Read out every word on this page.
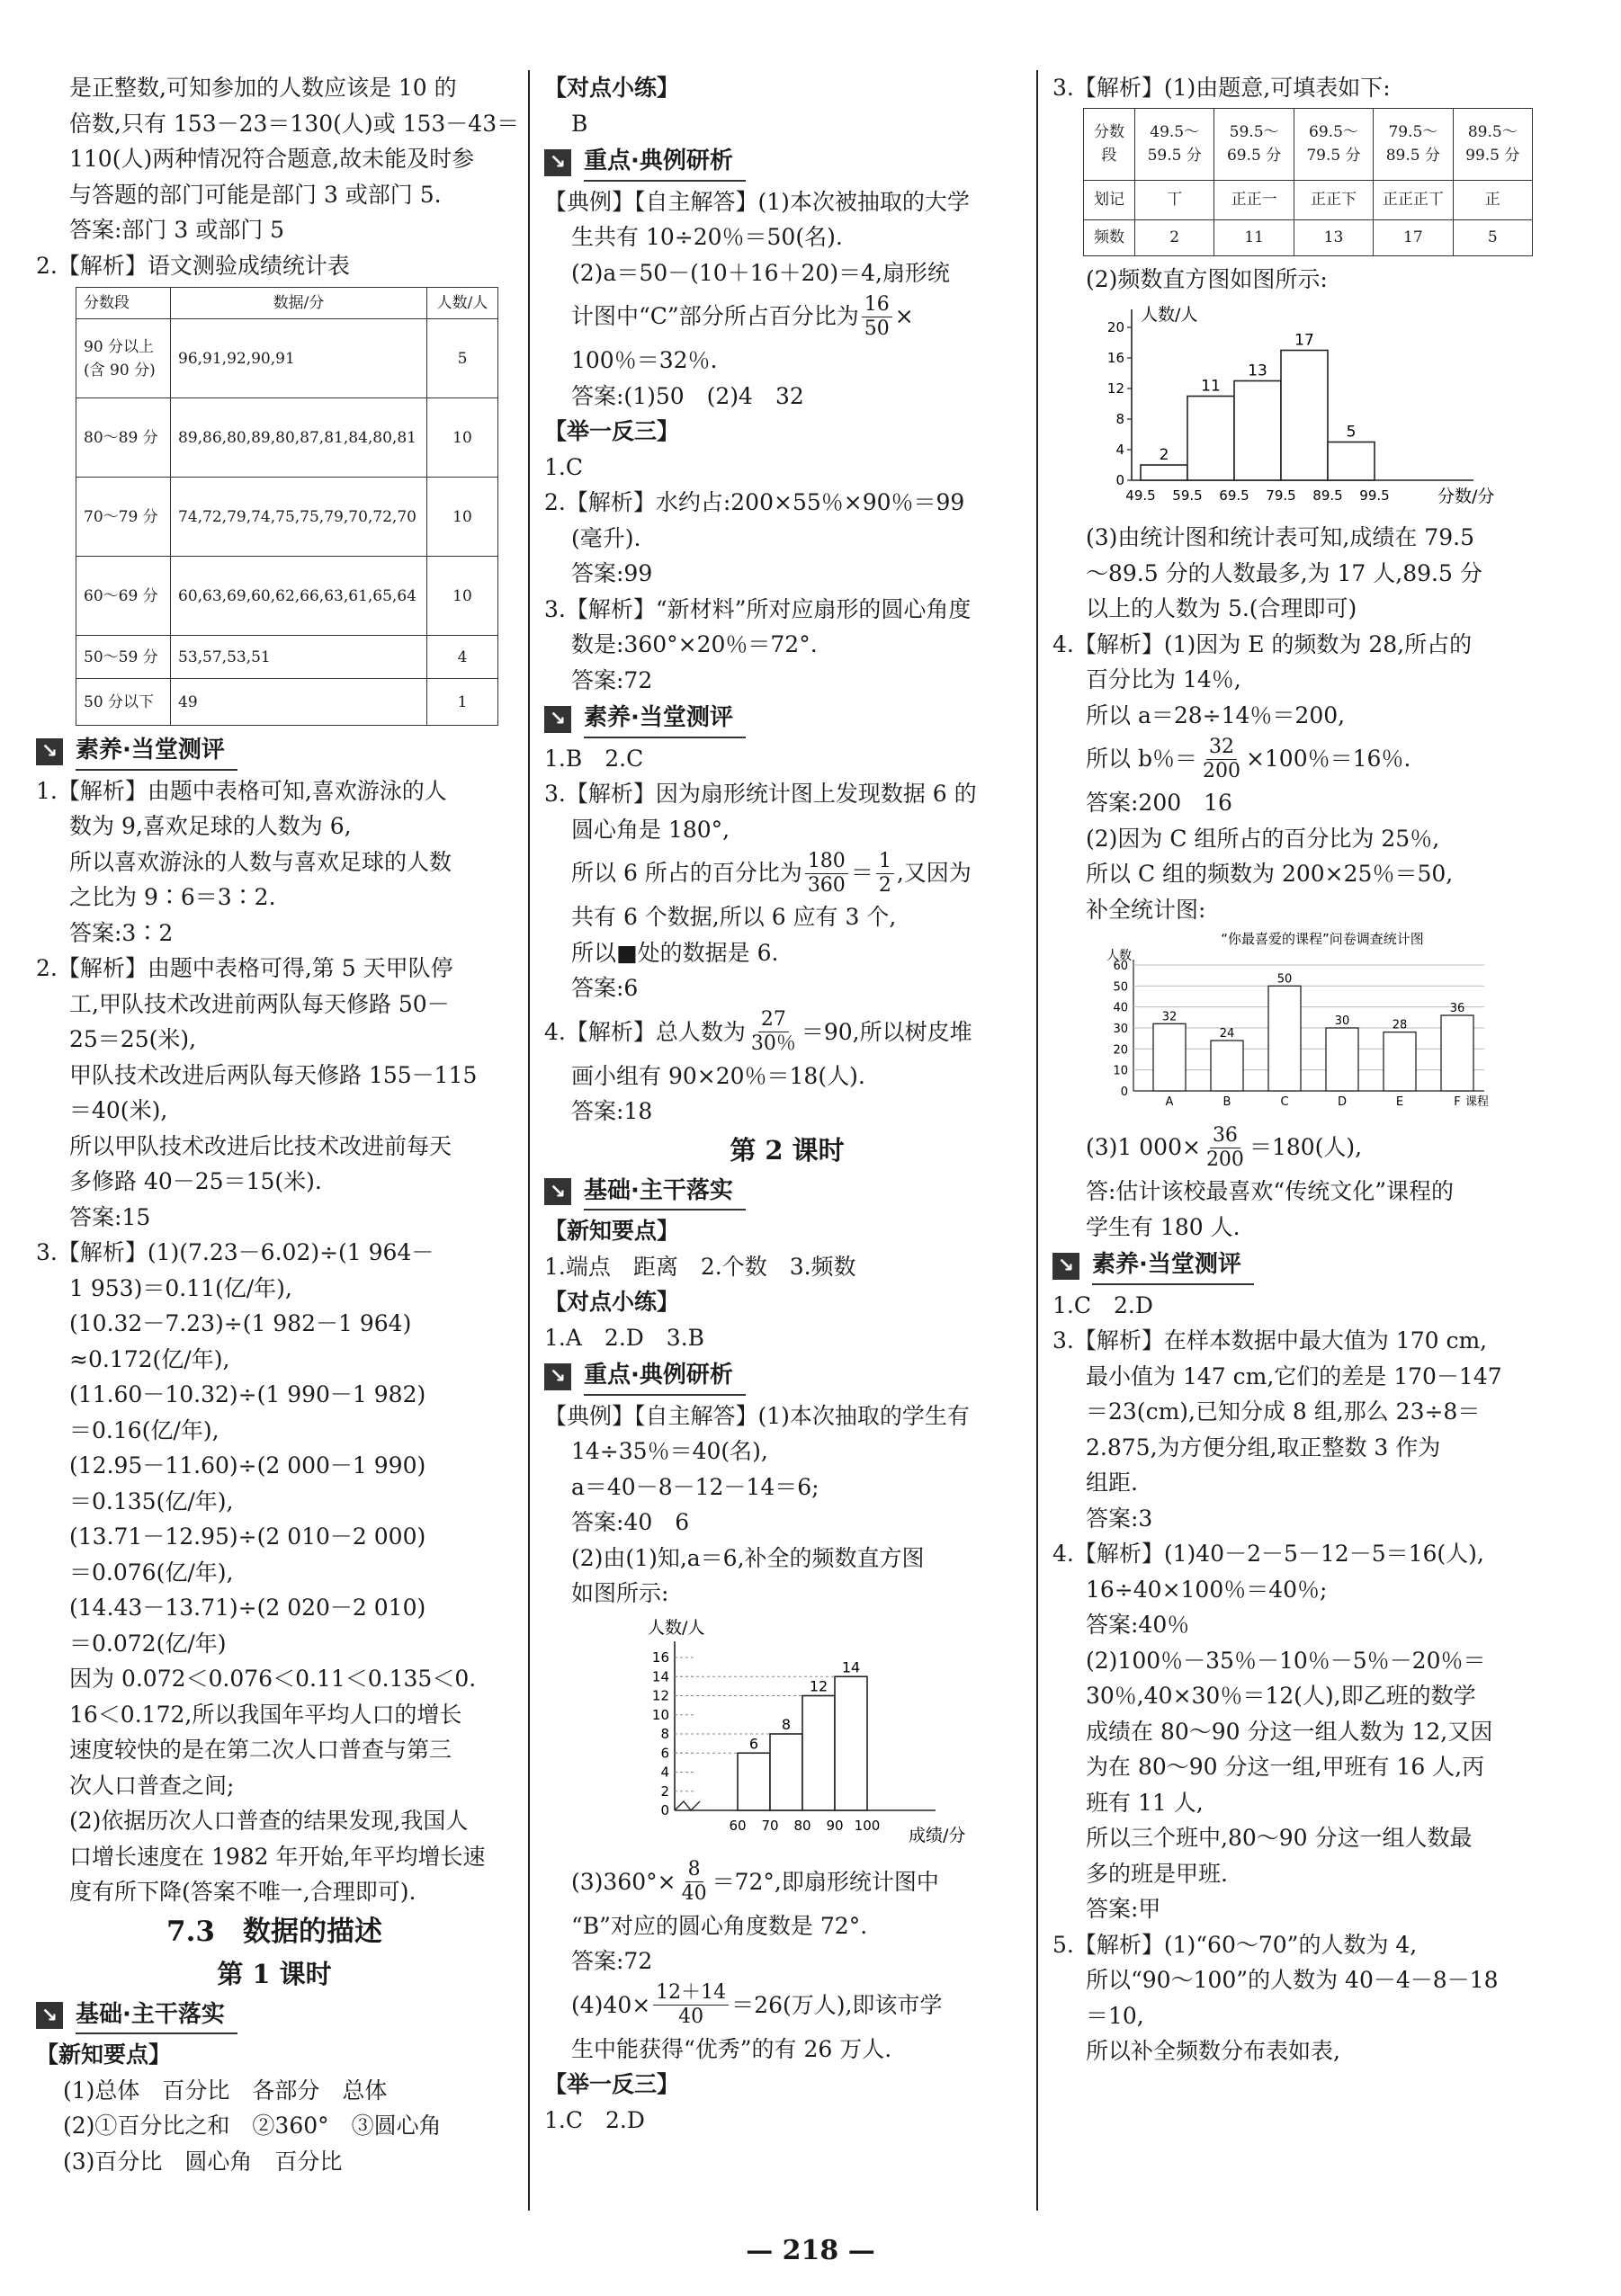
是正整数,可知参加的人数应该是 10 的
倍数,只有 153－23＝130(人)或 153－43＝
110(人)两种情况符合题意,故未能及时参
与答题的部门可能是部门 3 或部门 5.
答案:部门 3 或部门 5
2.【解析】语文测验成绩统计表
分数段	数据/分	人数/人
90 分以上(含 90 分)	96,91,92,90,91	5
80～89 分	89,86,80,89,80,87,81,84,80,81	10
70～79 分	74,72,79,74,75,75,79,70,72,70	10
60～69 分	60,63,69,60,62,66,63,61,65,64	10
50～59 分	53,57,53,51	4
50 分以下	49	1
↘ 素养·当堂测评
1.【解析】由题中表格可知,喜欢游泳的人
数为 9,喜欢足球的人数为 6,
所以喜欢游泳的人数与喜欢足球的人数
之比为 9∶6＝3∶2.
答案:3∶2
2.【解析】由题中表格可得,第 5 天甲队停
工,甲队技术改进前两队每天修路 50－
25＝25(米),
甲队技术改进后两队每天修路 155－115
＝40(米),
所以甲队技术改进后比技术改进前每天
多修路 40－25＝15(米).
答案:15
3.【解析】(1)(7.23－6.02)÷(1 964－
1 953)＝0.11(亿/年),
(10.32－7.23)÷(1 982－1 964)
≈0.172(亿/年),
(11.60－10.32)÷(1 990－1 982)
＝0.16(亿/年),
(12.95－11.60)÷(2 000－1 990)
＝0.135(亿/年),
(13.71－12.95)÷(2 010－2 000)
＝0.076(亿/年),
(14.43－13.71)÷(2 020－2 010)
＝0.072(亿/年)
因为 0.072＜0.076＜0.11＜0.135＜0.
16＜0.172,所以我国年平均人口的增长
速度较快的是在第二次人口普查与第三
次人口普查之间;
(2)依据历次人口普查的结果发现,我国人
口增长速度在 1982 年开始,年平均增长速
度有所下降(答案不唯一,合理即可).
7.3　数据的描述
第 1 课时
↘ 基础·主干落实
【新知要点】
(1)总体　百分比　各部分　总体
(2)①百分比之和　②360°　③圆心角
(3)百分比　圆心角　百分比
【对点小练】
B
↘ 重点·典例研析
【典例】【自主解答】(1)本次被抽取的大学
生共有 10÷20％＝50(名).
(2)a＝50－(10＋16＋20)＝4,扇形统
计图中“C”部分所占百分比为 $\frac{16}{50}$ ×
100％＝32％.
答案:(1)50　(2)4　32
【举一反三】
1.C
2.【解析】水约占:200×55％×90％＝99
(毫升).
答案:99
3.【解析】“新材料”所对应扇形的圆心角度
数是:360°×20％＝72°.
答案:72
↘ 素养·当堂测评
1.B　2.C
3.【解析】因为扇形统计图上发现数据 6 的
圆心角是 180°,
所以 6 所占的百分比为 $\frac{180}{360} = \frac{1}{2}$ ,又因为
共有 6 个数据,所以 6 应有 3 个,
所以■处的数据是 6.
答案:6
4.【解析】总人数为 $\frac{27}{30\%} =90$,所以树皮堆
画小组有 90×20％＝18(人).
答案:18
第 2 课时
↘ 基础·主干落实
【新知要点】
1.端点　距离　2.个数　3.频数
【对点小练】
1.A　2.D　3.B
↘ 重点·典例研析
【典例】【自主解答】(1)本次抽取的学生有
14÷35％＝40(名),
a＝40－8－12－14＝6;
答案:40　6
(2)由(1)知,a＝6,补全的频数直方图
如图所示:
人数/人
成绩/分
16
14
12
10
8
6
4
2
0
60 70 80 90 100
6
8
12
14
$(3)360^\circ\times \frac{8}{40} =72^\circ$,即扇形统计图中
“B”对应的圆心角度数是 72°.
答案:72
$(4)40\times \frac{12+14}{40} =26$(万人),即该市学
生中能获得“优秀”的有 26 万人.
【举一反三】
1.C　2.D
3.【解析】(1)由题意,可填表如下:
分数段	49.5～59.5 分	59.5～69.5 分	69.5～79.5 分	79.5～89.5 分	89.5～99.5 分
划记	丅	正正一	正正下	正正正丅	正
频数	2	11	13	17	5
(2)频数直方图如图所示:
人数/人
分数/分
20
16
12
8
4
0
49.5 59.5 69.5 79.5 89.5 99.5
2
11
13
17
5
(3)由统计图和统计表可知,成绩在 79.5
～89.5 分的人数最多,为 17 人,89.5 分
以上的人数为 5.(合理即可)
4.【解析】(1)因为 E 的频数为 28,所占的
百分比为 14％,
所以 a＝28÷14％＝200,
所以 b％＝ $\frac{32}{200} \times 100$％＝16％.
答案:200　16
(2)因为 C 组所占的百分比为 25％,
所以 C 组的频数为 200×25％＝50,
补全统计图:
“你最喜爱的课程”问卷调查统计图
人数
60
50
40
30
20
10
0
32
A
24
B
50
C
30
D
28
E
36
F 课程
(3)1 $000\times \frac{36}{200} =180$(人),
答:估计该校最喜欢“传统文化”课程的
学生有 180 人.
↘ 素养·当堂测评
1.C　2.D
3.【解析】在样本数据中最大值为 170 cm,
最小值为 147 cm,它们的差是 170－147
＝23(cm),已知分成 8 组,那么 23÷8＝
2.875,为方便分组,取正整数 3 作为
组距.
答案:3
4.【解析】(1)40－2－5－12－5＝16(人),
16÷40×100％＝40％;
答案:40％
(2)100％－35％－10％－5％－20％＝
30％,40×30％＝12(人),即乙班的数学
成绩在 80～90 分这一组人数为 12,又因
为在 80～90 分这一组,甲班有 16 人,丙
班有 11 人,
所以三个班中,80～90 分这一组人数最
多的班是甲班.
答案:甲
5.【解析】(1)“60～70”的人数为 4,
所以“90～100”的人数为 40－4－8－18
＝10,
所以补全频数分布表如表,
— 218 —
